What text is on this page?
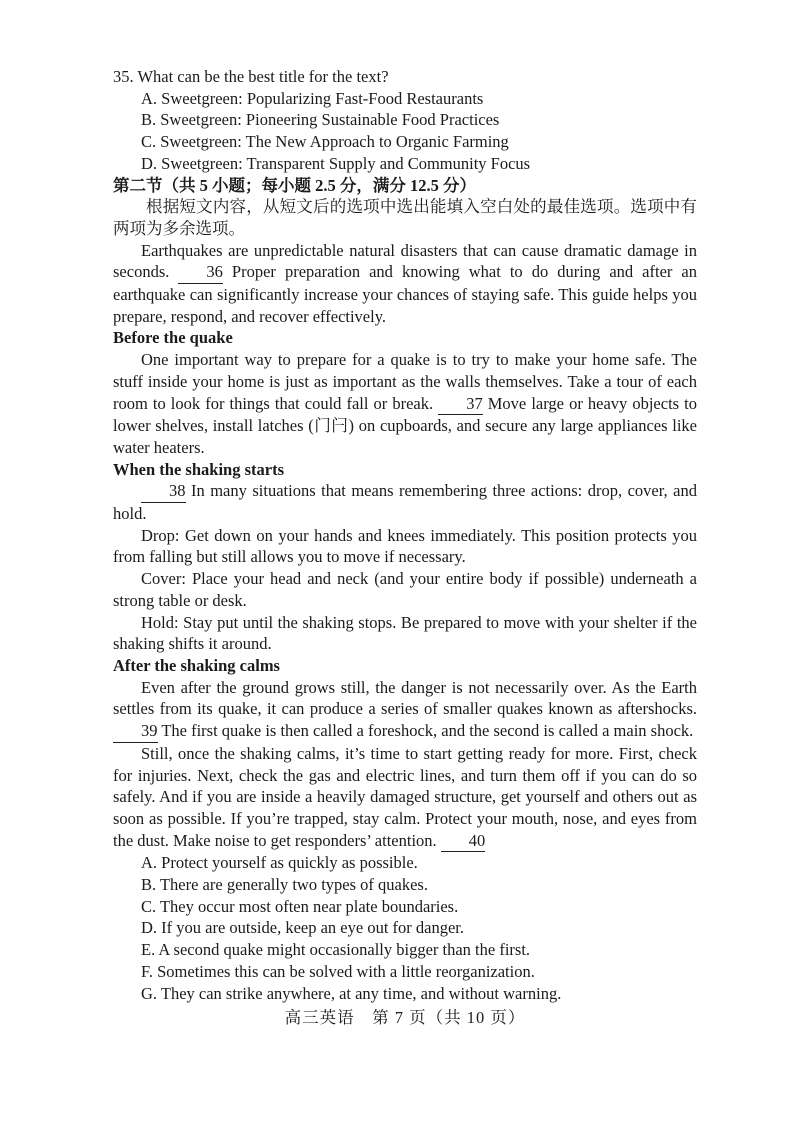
35. What can be the best title for the text?
A. Sweetgreen: Popularizing Fast-Food Restaurants
B. Sweetgreen: Pioneering Sustainable Food Practices
C. Sweetgreen: The New Approach to Organic Farming
D. Sweetgreen: Transparent Supply and Community Focus
第二节（共 5 小题；每小题 2.5 分，满分 12.5 分）
根据短文内容，从短文后的选项中选出能填入空白处的最佳选项。选项中有两项为多余选项。
Earthquakes are unpredictable natural disasters that can cause dramatic damage in seconds. 36 Proper preparation and knowing what to do during and after an earthquake can significantly increase your chances of staying safe. This guide helps you prepare, respond, and recover effectively.
Before the quake
One important way to prepare for a quake is to try to make your home safe. The stuff inside your home is just as important as the walls themselves. Take a tour of each room to look for things that could fall or break. 37 Move large or heavy objects to lower shelves, install latches (门闩) on cupboards, and secure any large appliances like water heaters.
When the shaking starts
38 In many situations that means remembering three actions: drop, cover, and hold.
Drop: Get down on your hands and knees immediately. This position protects you from falling but still allows you to move if necessary.
Cover: Place your head and neck (and your entire body if possible) underneath a strong table or desk.
Hold: Stay put until the shaking stops. Be prepared to move with your shelter if the shaking shifts it around.
After the shaking calms
Even after the ground grows still, the danger is not necessarily over. As the Earth settles from its quake, it can produce a series of smaller quakes known as aftershocks. 39 The first quake is then called a foreshock, and the second is called a main shock.
Still, once the shaking calms, it’s time to start getting ready for more. First, check for injuries. Next, check the gas and electric lines, and turn them off if you can do so safely. And if you are inside a heavily damaged structure, get yourself and others out as soon as possible. If you’re trapped, stay calm. Protect your mouth, nose, and eyes from the dust. Make noise to get responders’ attention. 40
A. Protect yourself as quickly as possible.
B. There are generally two types of quakes.
C. They occur most often near plate boundaries.
D. If you are outside, keep an eye out for danger.
E. A second quake might occasionally bigger than the first.
F. Sometimes this can be solved with a little reorganization.
G. They can strike anywhere, at any time, and without warning.
高三英语　第 7 页（共 10 页）
